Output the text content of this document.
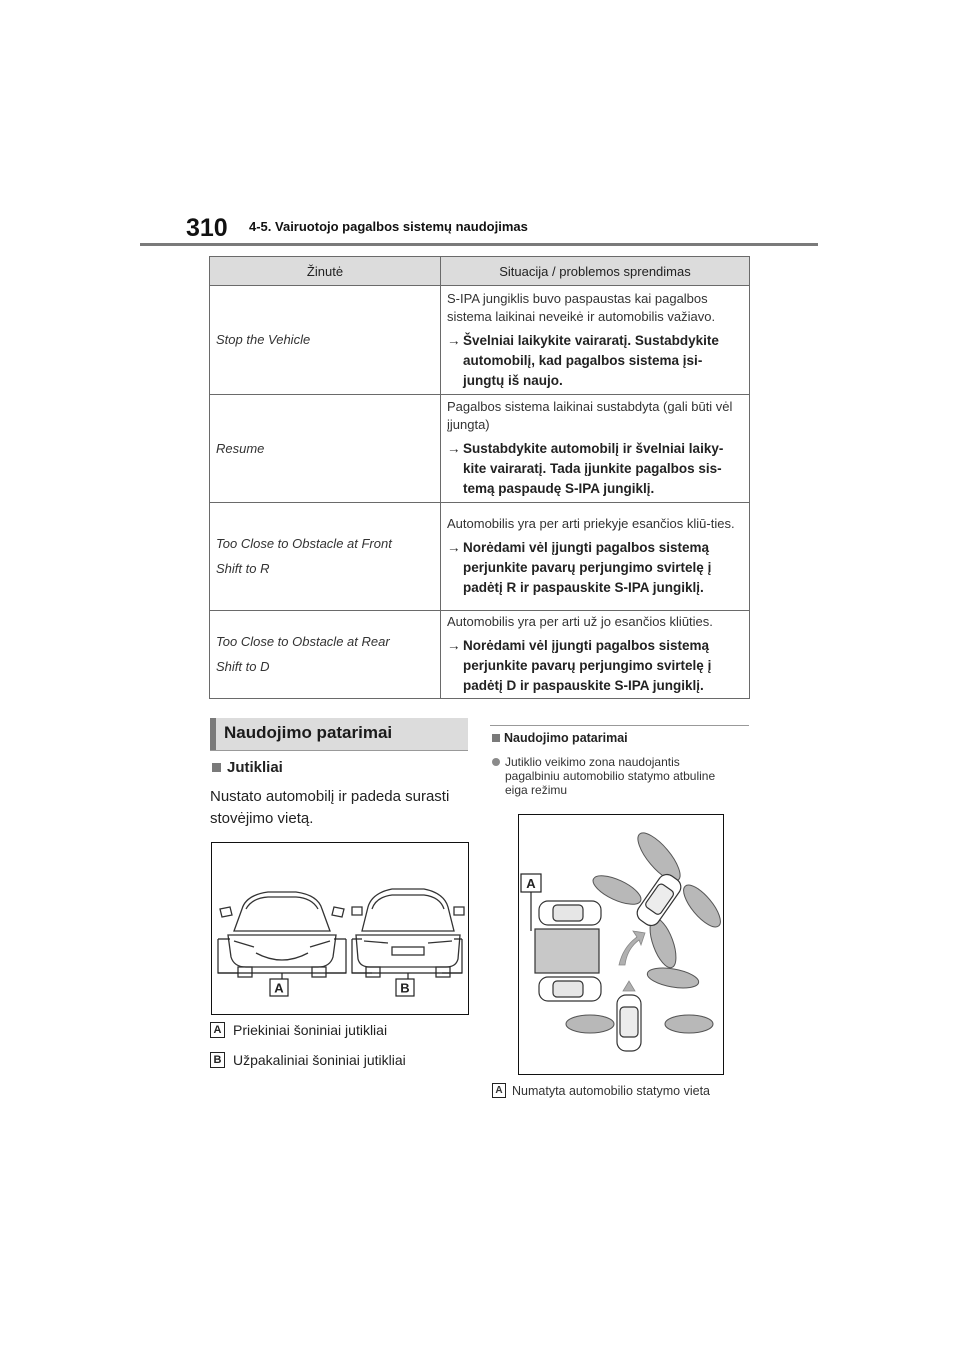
310 4-5. Vairuotojo pagalbos sistemų naudojimas
Žinutė	Situacija / problemos sprendimas

Stop the Vehicle	S-IPA jungiklis buvo paspaustas kai pagalbos sistema laikinai neveikė ir automobilis važiavo.
→ Švelniai laikykite vairaratį. Sustabdykite automobilį, kad pagalbos sistema įsi-jungtų iš naujo.

Resume	Pagalbos sistema laikinai sustabdyta (gali būti vėl įjungta)
→ Sustabdykite automobilį ir švelniai laiky-kite vairaratį. Tada įjunkite pagalbos sis-temą paspaudę S-IPA jungiklį.

Too Close to Obstacle at Front
Shift to R	Automobilis yra per arti priekyje esančios kliū-ties.
→ Norėdami vėl įjungti pagalbos sistemą perjunkite pavarų perjungimo svirtelę į padėtį R ir paspauskite S-IPA jungiklį.

Too Close to Obstacle at Rear
Shift to D	Automobilis yra per arti už jo esančios kliūties.
→ Norėdami vėl įjungti pagalbos sistemą perjunkite pavarų perjungimo svirtelę į padėtį D ir paspauskite S-IPA jungiklį.
Naudojimo patarimai
Jutikliai
Nustato automobilį ir padeda surasti stovėjimo vietą.
A	B
A Priekiniai šoniniai jutikliai
B Užpakaliniai šoniniai jutikliai
Naudojimo patarimai
Jutiklio veikimo zona naudojantis pagalbiniu automobilio statymo atbuline eiga režimu
A
A Numatyta automobilio statymo vieta
